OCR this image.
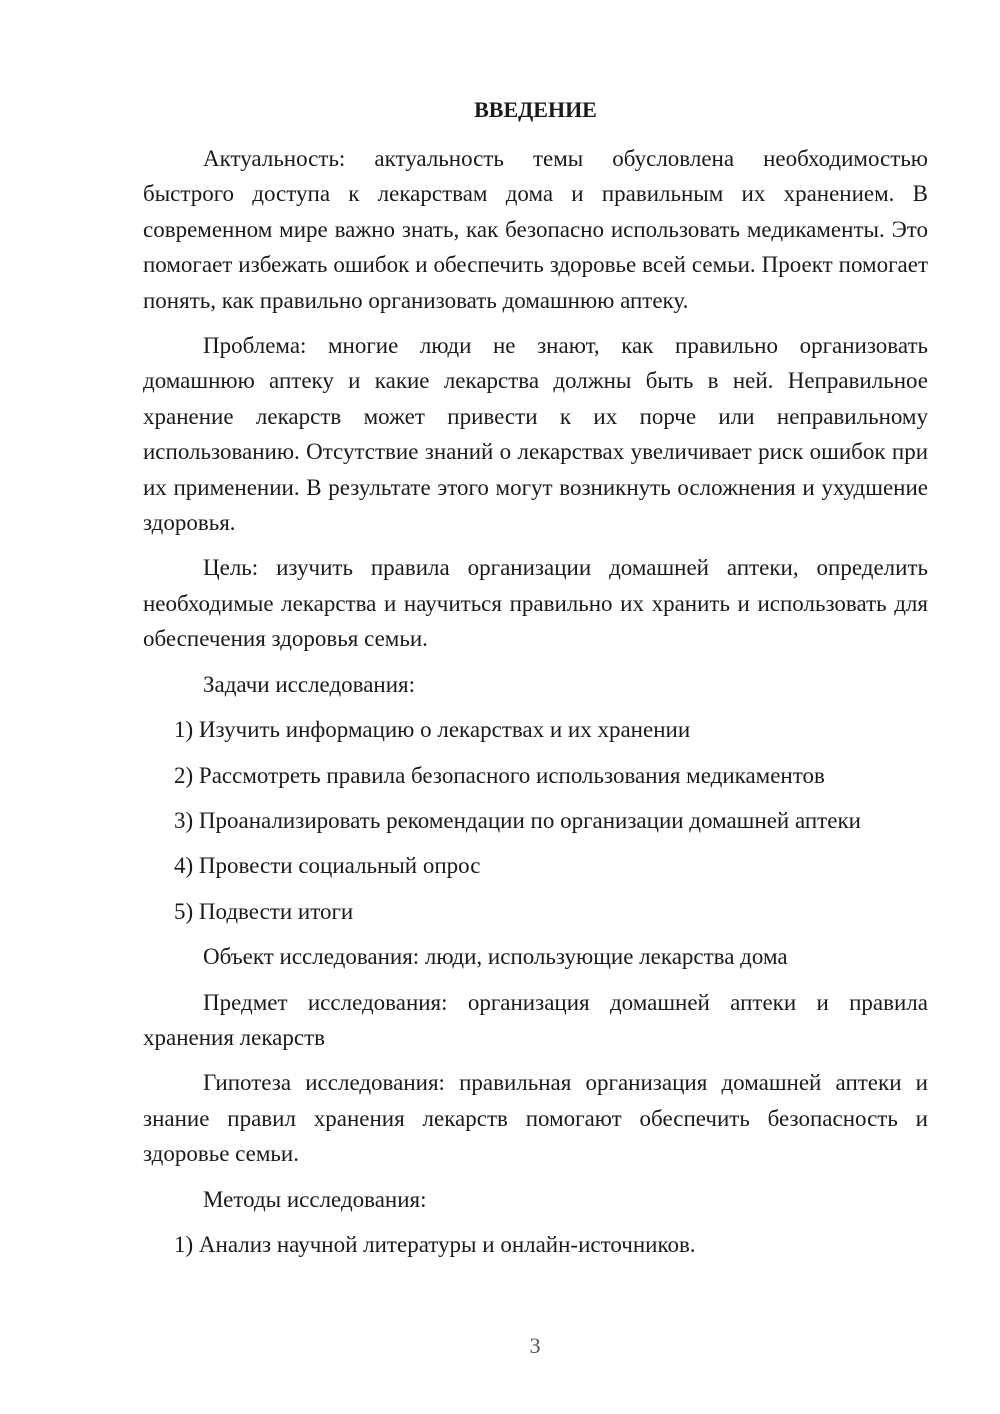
ВВЕДЕНИЕ

Актуальность: актуальность темы обусловлена необходимостью быстрого доступа к лекарствам дома и правильным их хранением. В современном мире важно знать, как безопасно использовать медикаменты. Это помогает избежать ошибок и обеспечить здоровье всей семьи. Проект помогает понять, как правильно организовать домашнюю аптеку.

Проблема: многие люди не знают, как правильно организовать домашнюю аптеку и какие лекарства должны быть в ней. Неправильное хранение лекарств может привести к их порче или неправильному использованию. Отсутствие знаний о лекарствах увеличивает риск ошибок при их применении. В результате этого могут возникнуть осложнения и ухудшение здоровья.

Цель: изучить правила организации домашней аптеки, определить необходимые лекарства и научиться правильно их хранить и использовать для обеспечения здоровья семьи.

Задачи исследования:

1) Изучить информацию о лекарствах и их хранении

2) Рассмотреть правила безопасного использования медикаментов

3) Проанализировать рекомендации по организации домашней аптеки

4) Провести социальный опрос

5) Подвести итоги

Объект исследования: люди, использующие лекарства дома

Предмет исследования: организация домашней аптеки и правила хранения лекарств

Гипотеза исследования: правильная организация домашней аптеки и знание правил хранения лекарств помогают обеспечить безопасность и здоровье семьи.

Методы исследования:

1) Анализ научной литературы и онлайн-источников.

3
